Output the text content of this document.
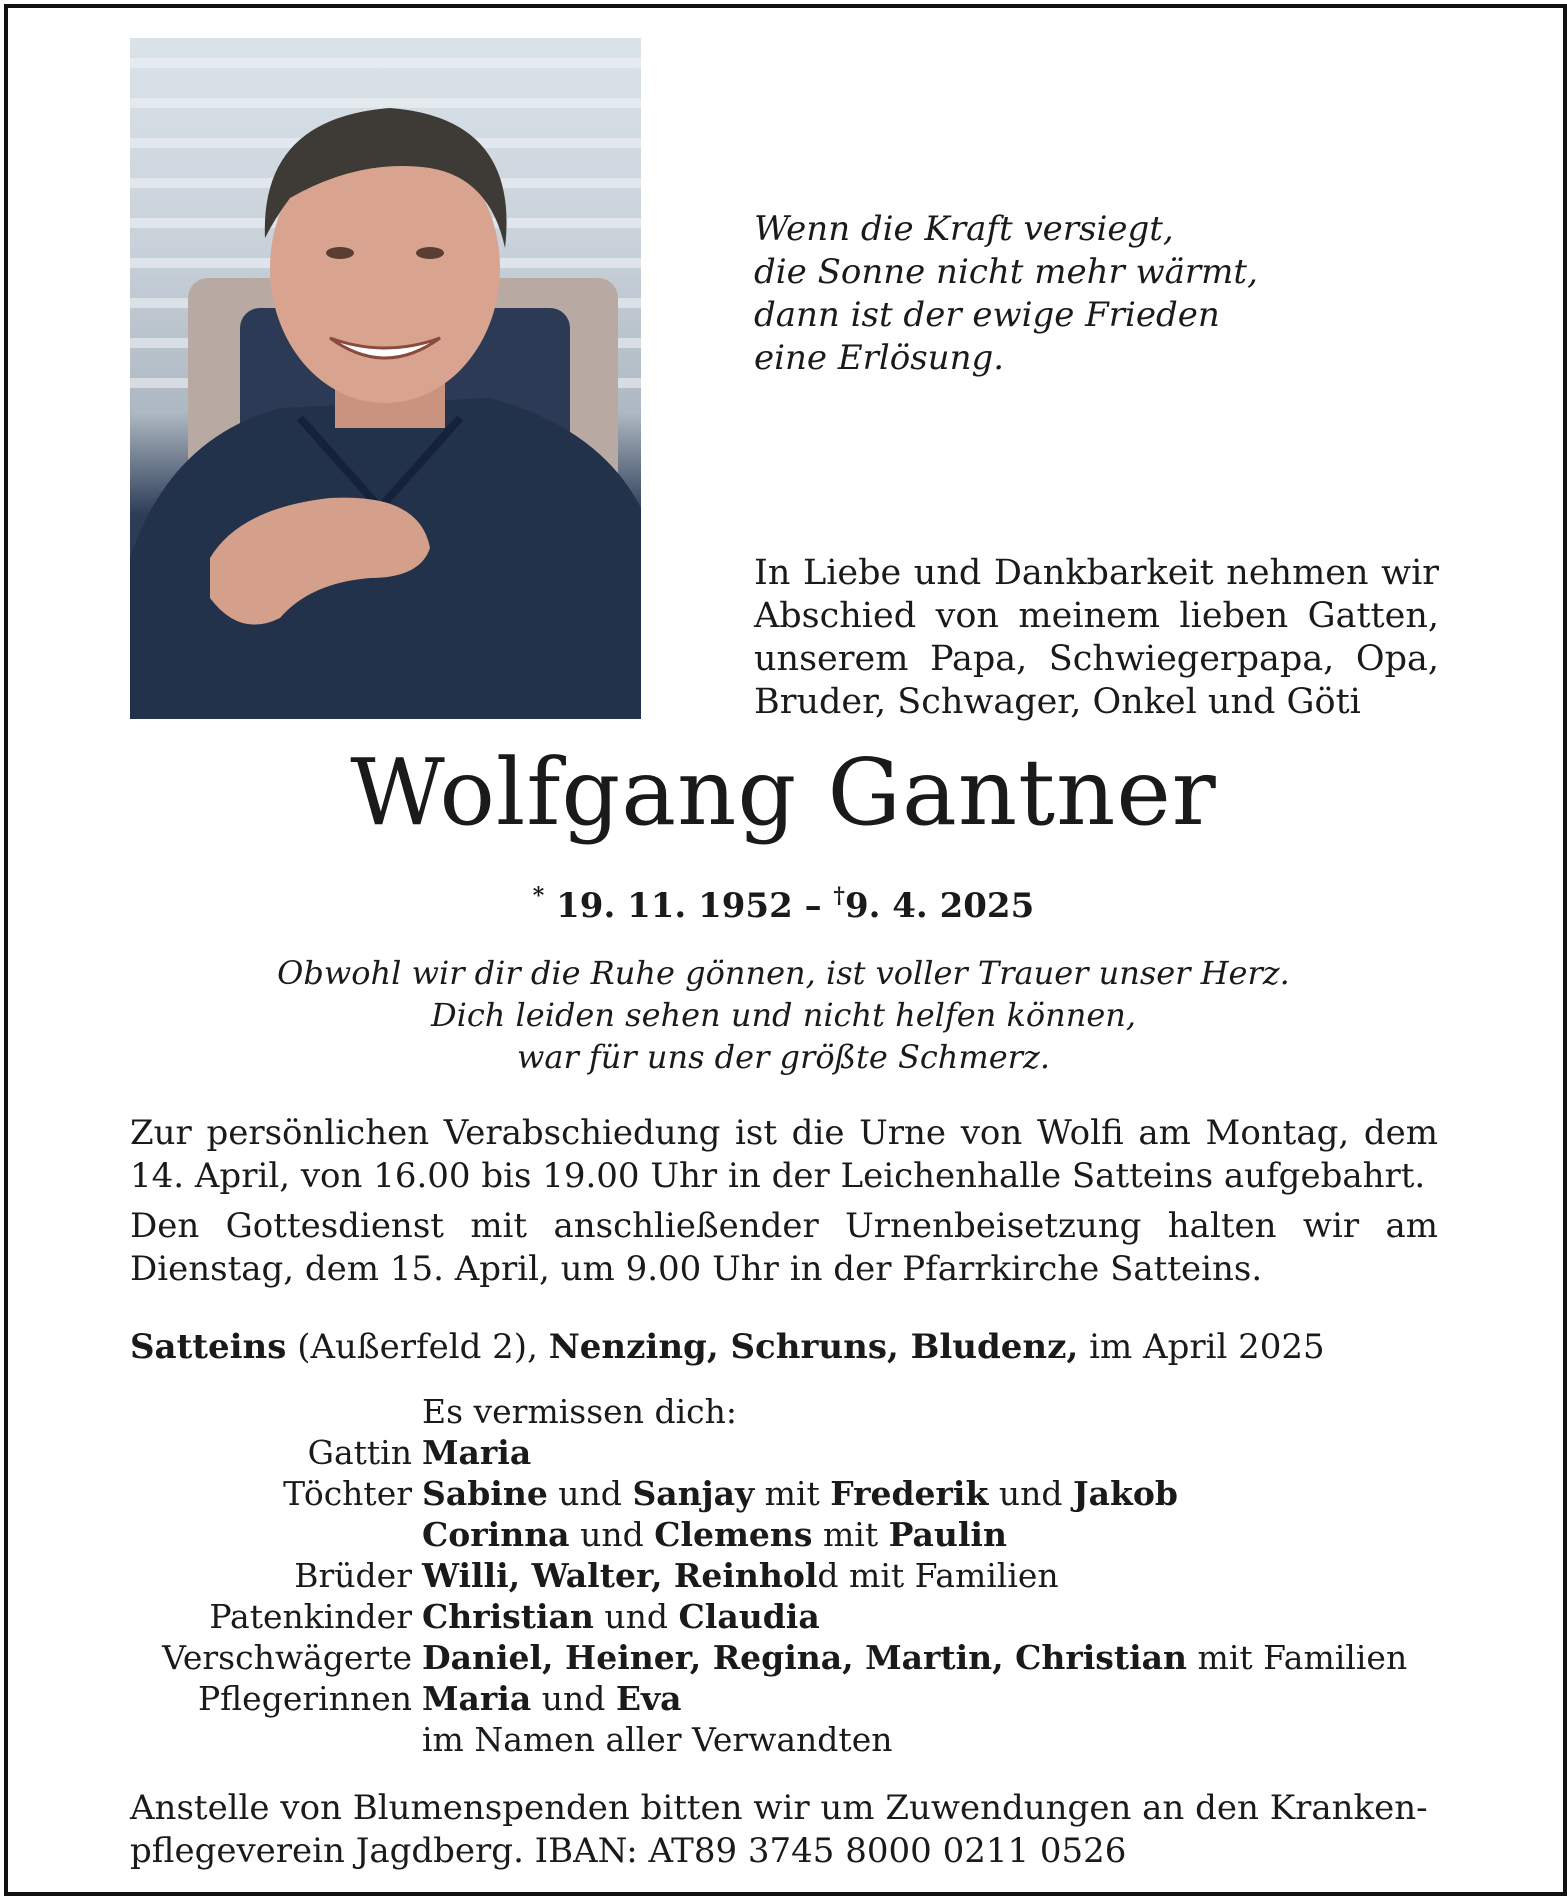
Wenn die Kraft versiegt,
die Sonne nicht mehr wärmt,
dann ist der ewige Frieden
eine Erlösung.
In Liebe und Dankbarkeit nehmen wir
Abschied von meinem lieben Gatten,
unserem Papa, Schwiegerpapa, Opa,
Bruder, Schwager, Onkel und Göti
Wolfgang Gantner
* 19. 11. 1952 – †9. 4. 2025
Obwohl wir dir die Ruhe gönnen, ist voller Trauer unser Herz.
Dich leiden sehen und nicht helfen können,
war für uns der größte Schmerz.
Zur persönlichen Verabschiedung ist die Urne von Wolfi am Montag, dem 14. April, von 16.00 bis 19.00 Uhr in der Leichenhalle Satteins aufgebahrt.
Den Gottesdienst mit anschließender Urnenbeisetzung halten wir am Dienstag, dem 15. April, um 9.00 Uhr in der Pfarrkirche Satteins.
Satteins (Außerfeld 2), Nenzing, Schruns, Bludenz, im April 2025
Es vermissen dich:
Gattin Maria
Töchter Sabine und Sanjay mit Frederik und Jakob
Corinna und Clemens mit Paulin
Brüder Willi, Walter, Reinhold mit Familien
Patenkinder Christian und Claudia
Verschwägerte Daniel, Heiner, Regina, Martin, Christian mit Familien
Pflegerinnen Maria und Eva
im Namen aller Verwandten
Anstelle von Blumenspenden bitten wir um Zuwendungen an den Kranken-
pflegeverein Jagdberg. IBAN: AT89 3745 8000 0211 0526
